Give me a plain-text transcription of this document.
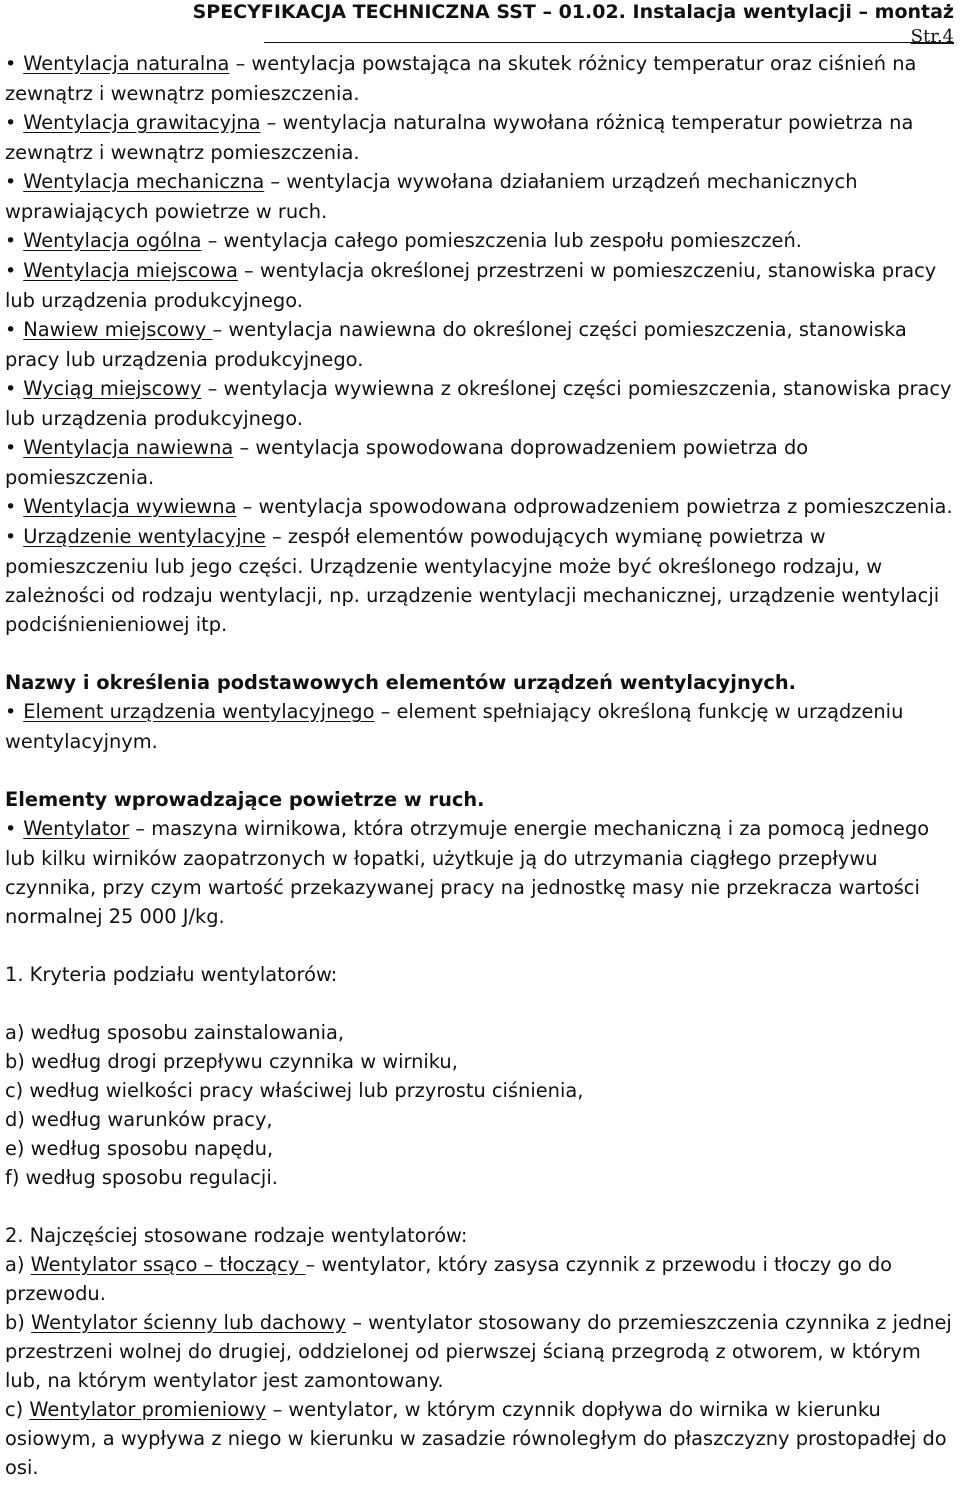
SPECYFIKACJA TECHNICZNA SST – 01.02. Instalacja wentylacji – montaż
Str.4

• Wentylacja naturalna – wentylacja powstająca na skutek różnicy temperatur oraz ciśnień na zewnątrz i wewnątrz pomieszczenia.

• Wentylacja grawitacyjna – wentylacja naturalna wywołana różnicą temperatur powietrza na zewnątrz i wewnątrz pomieszczenia.

• Wentylacja mechaniczna – wentylacja wywołana działaniem urządzeń mechanicznych wprawiających powietrze w ruch.

• Wentylacja ogólna – wentylacja całego pomieszczenia lub zespołu pomieszczeń.

• Wentylacja miejscowa – wentylacja określonej przestrzeni w pomieszczeniu, stanowiska pracy lub urządzenia produkcyjnego.

• Nawiew miejscowy – wentylacja nawiewna do określonej części pomieszczenia, stanowiska pracy lub urządzenia produkcyjnego.

• Wyciąg miejscowy – wentylacja wywiewna z określonej części pomieszczenia, stanowiska pracy lub urządzenia produkcyjnego.

• Wentylacja nawiewna – wentylacja spowodowana doprowadzeniem powietrza do pomieszczenia.

• Wentylacja wywiewna – wentylacja spowodowana odprowadzeniem powietrza z pomieszczenia.

• Urządzenie wentylacyjne – zespół elementów powodujących wymianę powietrza w pomieszczeniu lub jego części. Urządzenie wentylacyjne może być określonego rodzaju, w zależności od rodzaju wentylacji, np. urządzenie wentylacji mechanicznej, urządzenie wentylacji podciśnienieniowej itp.

Nazwy i określenia podstawowych elementów urządzeń wentylacyjnych.

• Element urządzenia wentylacyjnego – element spełniający określoną funkcję w urządzeniu wentylacyjnym.

Elementy wprowadzające powietrze w ruch.

• Wentylator – maszyna wirnikowa, która otrzymuje energie mechaniczną i za pomocą jednego lub kilku wirników zaopatrzonych w łopatki, użytkuje ją do utrzymania ciągłego przepływu czynnika, przy czym wartość przekazywanej pracy na jednostkę masy nie przekracza wartości normalnej 25 000 J/kg.

1. Kryteria podziału wentylatorów:

a) według sposobu zainstalowania,

b) według drogi przepływu czynnika w wirniku,

c) według wielkości pracy właściwej lub przyrostu ciśnienia,

d) według warunków pracy,

e) według sposobu napędu,

f) według sposobu regulacji.

2. Najczęściej stosowane rodzaje wentylatorów:

a) Wentylator ssąco – tłoczący – wentylator, który zasysa czynnik z przewodu i tłoczy go do przewodu.

b) Wentylator ścienny lub dachowy – wentylator stosowany do przemieszczenia czynnika z jednej przestrzeni wolnej do drugiej, oddzielonej od pierwszej ścianą przegrodą z otworem, w którym lub, na którym wentylator jest zamontowany.

c) Wentylator promieniowy – wentylator, w którym czynnik dopływa do wirnika w kierunku osiowym, a wypływa z niego w kierunku w zasadzie równoległym do płaszczyzny prostopadłej do osi.
